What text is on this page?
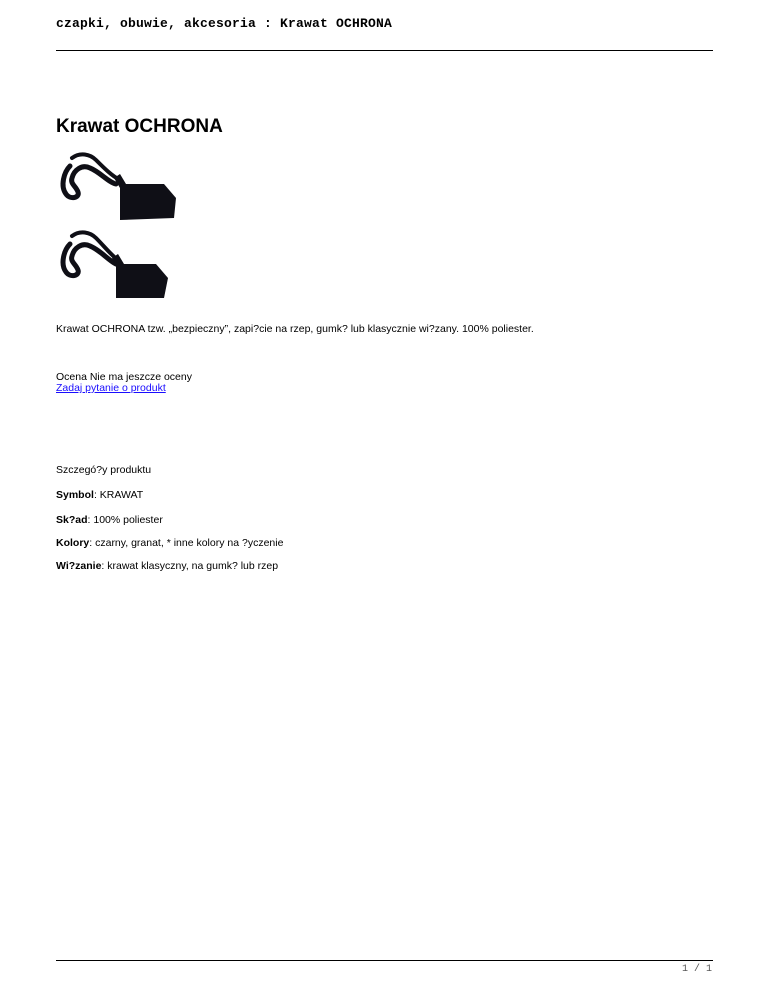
czapki, obuwie, akcesoria : Krawat OCHRONA
Krawat OCHRONA
Krawat OCHRONA tzw. „bezpieczny”, zapi?cie na rzep, gumk? lub klasycznie wi?zany. 100% poliester.
Ocena Nie ma jeszcze oceny
Zadaj pytanie o produkt
Szczegó?y produktu
Symbol: KRAWAT
Sk?ad: 100% poliester
Kolory: czarny, granat, * inne kolory na ?yczenie
Wi?zanie: krawat klasyczny, na gumk? lub rzep
1 / 1
